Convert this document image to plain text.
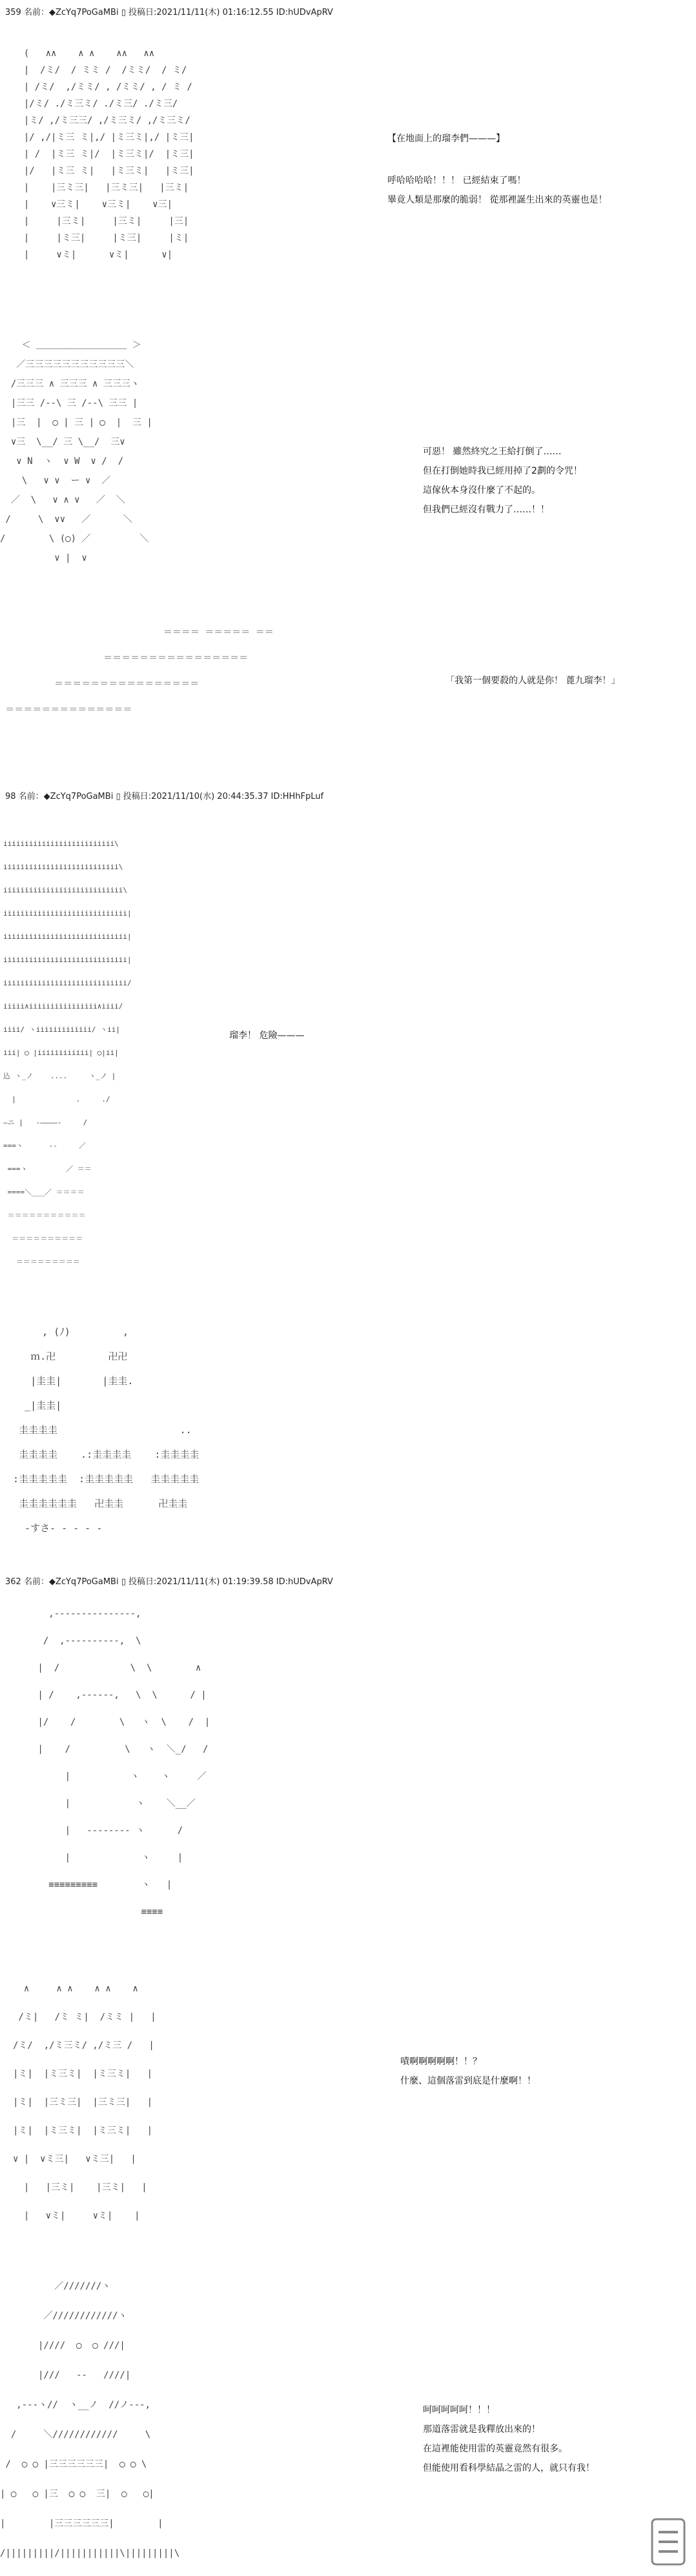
359 名前：◆ZcYq7PoGaMBi ▯ 投稿日:2021/11/11(木) 01:16:12.55 ID:hUDvApRV
(   ∧∧    ∧ ∧    ∧∧   ∧∧
|  /ミ/  / ミミ /  /ミミ/  / ミ/
| /ミ/  ,/ミミ/ , /ミミ/ , / ミ /
|/ミ/ ./ミ三ミ/ ./ミ三/ ./ミ三/
|ミ/ ,/ミ三三/ ,/ミ三ミ/ ,/ミ三ミ/
|/ ,/|ミ三 ミ|,/ |ミ三ミ|,/ |ミ三|
| /  |ミ三 ミ|/  |ミ三ミ|/  |ミ三|
|/   |ミ三 ミ|   |ミ三ミ|   |ミ三|
|    |三ミ三|   |三ミ三|   |三ミ|
|    ∨三ミ|    ∨三ミ|    ∨三|
|     |三ミ|     |三ミ|     |三|
|     |ミ三|     |ミ三|     |ミ|
|     ∨ミ|      ∨ミ|      ∨|
【在地面上的瑠李們———】
呼哈哈哈哈！！！ 已經結束了嗎！
畢竟人類是那麼的脆弱！ 從那裡誕生出來的英靈也是！
＜ ＿＿＿＿＿＿＿＿＿＿ ＞
／三三三三三三三三三三三＼
/三三三 ∧ 三三三 ∧ 三三三ヽ
|三三 /‐‐\ 三 /‐‐\ 三三 |
|三  |  ◯ | 三 | ◯  |  三 |
∨三  \__/ 三 \__/  三∨
∨ N  ヽ  ∨ W  ∨ /  /
\   ∨ ∨  ー ∨  ／
／  \   ∨ ∧ ∨   ／  ＼
/     \  ∨∨   ／      ＼
/        \ (◯) ／         ＼
∨ |  ∨
可惡！ 雖然終究之王給打倒了……
但在打倒她時我已經用掉了2劃的令咒！
這傢伙本身沒什麼了不起的。
但我們已經沒有戰力了……！！
＝＝＝＝ ＝＝＝＝＝ ＝＝
＝＝＝＝＝＝＝＝＝＝＝＝＝＝＝＝
＝＝＝＝＝＝＝＝＝＝＝＝＝＝＝＝
＝＝＝＝＝＝＝＝＝＝＝＝＝＝
「我第一個要殺的人就是你！ 蓖九瑠李！」
98 名前：◆ZcYq7PoGaMBi ▯ 投稿日:2021/11/10(水) 20:44:35.37 ID:HHhFpLuf
iiiiiiiiiiiiiiiiiiiiiiiiii\
iiiiiiiiiiiiiiiiiiiiiiiiiii\
iiiiiiiiiiiiiiiiiiiiiiiiiiii\
iiiiiiiiiiiiiiiiiiiiiiiiiiiii|
iiiiiiiiiiiiiiiiiiiiiiiiiiiii|
iiiiiiiiiiiiiiiiiiiiiiiiiiiii|
iiiiiiiiiiiiiiiiiiiiiiiiiiiii/
iiiii∧iiiiiiiiiiiiiiii∧iiii/
iiii/ ヽiiiiiiiiiiiii/ ヽii|
iii| ◯ |iiiiiiiiiiii| ◯|ii|
込 ヽ_ノ    ....     ヽ_ノ |
|              .     ./
―ニ |   ‐――――‐     /
===ヽ      ‐‐     ／
===ヽ         ／ ＝＝
====＼___／ ＝＝＝＝
＝＝＝＝＝＝＝＝＝＝＝
＝＝＝＝＝＝＝＝＝＝
＝＝＝＝＝＝＝＝＝
瑠李！ 危險———
, (ﾉ)         ,
ｍ.卍         卍卍
|圭圭|       |圭圭.
_|圭圭|
圭圭圭圭                     ..
圭圭圭圭    .:圭圭圭圭    :圭圭圭圭
:圭圭圭圭圭  :圭圭圭圭圭   圭圭圭圭圭
圭圭圭圭圭圭   卍圭圭      卍圭圭
‐すさ‐ ‐ ‐ ‐ ‐
362 名前：◆ZcYq7PoGaMBi ▯ 投稿日:2021/11/11(木) 01:19:39.58 ID:hUDvApRV
,--‐‐‐‐‐‐‐‐‐‐‐--,
/  ,--‐‐‐‐‐‐--,  \
|  /             \  \        ∧
| /    ,--‐‐--,   \  \      / |
|/    /        \   ヽ  \    /  |
|    /          \   ヽ  ＼_/   /
|           ヽ    ヽ     ／
|            ヽ    ＼__／
|   ‐‐‐‐‐‐‐‐ ヽ      /
|             ヽ     |
≡≡≡≡≡≡≡≡≡        ヽ   |
≡≡≡≡
∧     ∧ ∧    ∧ ∧    ∧
/ミ|   /ミ ミ|  /ミミ |   |
/ミ/  ,/ミ三ミ/ ,/ミ三 /   |
|ミ|  |ミ三ミ|  |ミ三ミ|   |
|ミ|  |三ミ三|  |三ミ三|   |
|ミ|  |ミ三ミ|  |ミ三ミ|   |
∨ |  ∨ミ三|   ∨ミ三|   |
|   |三ミ|    |三ミ|   |
|   ∨ミ|     ∨ミ|    |
嘖啊啊啊啊啊！！？
什麼、這個落雷到底是什麼啊！！
／///////ヽ
／////////////ヽ
|////  ◯  ◯ ///|
|///   ‐‐   ////|
,--‐ヽ//  ヽ__ノ  //ノ‐--,
/     ＼////////////     \
/  ◯ ◯ |三三三三三三|  ◯ ◯ \
| ◯   ◯ |三  ◯ ◯  三|  ◯   ◯|
|        |三三三三三三|        |
/|||||||||/|||||||||||\|||||||||\
呵呵呵呵呵！！！
那道落雷就是我釋放出來的！
在這裡能使用雷的英靈竟然有很多。
但能使用看科學結晶之雷的人，就只有我！
